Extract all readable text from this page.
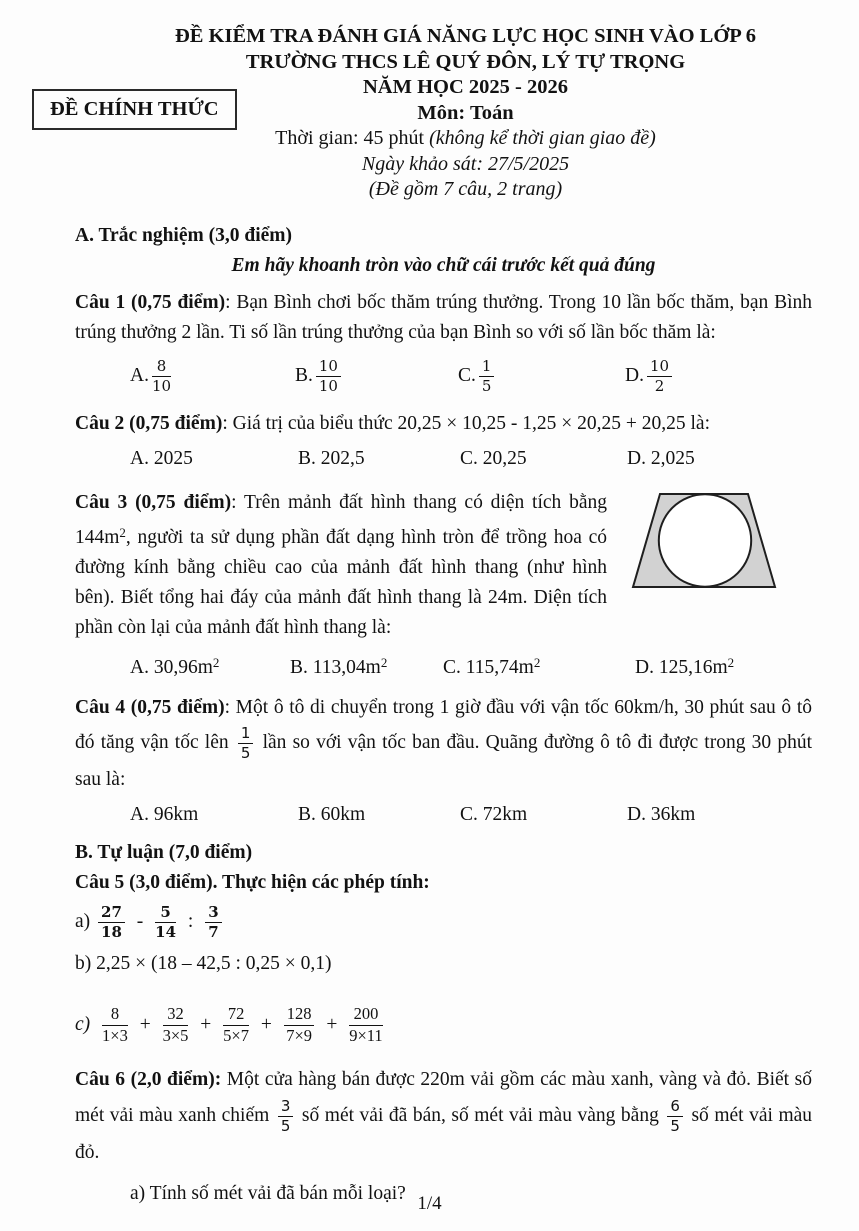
ĐỀ KIỂM TRA ĐÁNH GIÁ NĂNG LỰC HỌC SINH VÀO LỚP 6
TRƯỜNG THCS LÊ QUÝ ĐÔN, LÝ TỰ TRỌNG
NĂM HỌC 2025 - 2026
Môn: Toán
Thời gian: 45 phút (không kể thời gian giao đề)
Ngày khảo sát: 27/5/2025
(Đề gồm 7 câu, 2 trang)
ĐỀ CHÍNH THỨC
A. Trắc nghiệm (3,0 điểm)
Em hãy khoanh tròn vào chữ cái trước kết quả đúng
Câu 1 (0,75 điểm): Bạn Bình chơi bốc thăm trúng thưởng. Trong 10 lần bốc thăm, bạn Bình trúng thưởng 2 lần. Ti số lần trúng thưởng của bạn Bình so với số lần bốc thăm là:
A. $\frac{8}{10}$	B. $\frac{10}{10}$	C. $\frac{1}{5}$	D. $\frac{10}{2}$
Câu 2 (0,75 điểm): Giá trị của biểu thức 20,25 × 10,25 - 1,25 × 20,25 + 20,25 là:
A. 2025	B. 202,5	C. 20,25	D. 2,025
Câu 3 (0,75 điểm): Trên mảnh đất hình thang có diện tích bằng $144m^2$, người ta sử dụng phần đất dạng hình tròn để trồng hoa có đường kính bằng chiều cao của mảnh đất hình thang (như hình bên). Biết tổng hai đáy của mảnh đất hình thang là 24m. Diện tích phần còn lại của mảnh đất hình thang là:
A. $30,96m^2$	B. $113,04m^2$	C. $115,74m^2$	D. $125,16m^2$
Câu 4 (0,75 điểm): Một ô tô di chuyển trong 1 giờ đầu với vận tốc 60km/h, 30 phút sau ô tô đó tăng vận tốc lên $\frac{1}{5}$ lần so với vận tốc ban đầu. Quãng đường ô tô đi được trong 30 phút sau là:
A. 96km	B. 60km	C. 72km	D. 36km
B. Tự luận (7,0 điểm)
Câu 5 (3,0 điểm). Thực hiện các phép tính:
$a) \frac{27}{18} - \frac{5}{14}$ : $\frac{3}{7}$
b) 2,25 × (18 – 42,5 : 0,25 × 0,1)
$c) \frac{8}{1\times 3} + \frac{32}{3\times 5} + \frac{72}{5\times 7} + \frac{128}{7\times 9} + \frac{200}{9\times 11}$
Câu 6 (2,0 điểm): Một cửa hàng bán được 220m vải gồm các màu xanh, vàng và đỏ. Biết số mét vải màu xanh chiếm $\frac{3}{5}$ số mét vải đã bán, số mét vải màu vàng bằng $\frac{6}{5}$ số mét vải màu đỏ.
a) Tính số mét vải đã bán mỗi loại? 1/4
